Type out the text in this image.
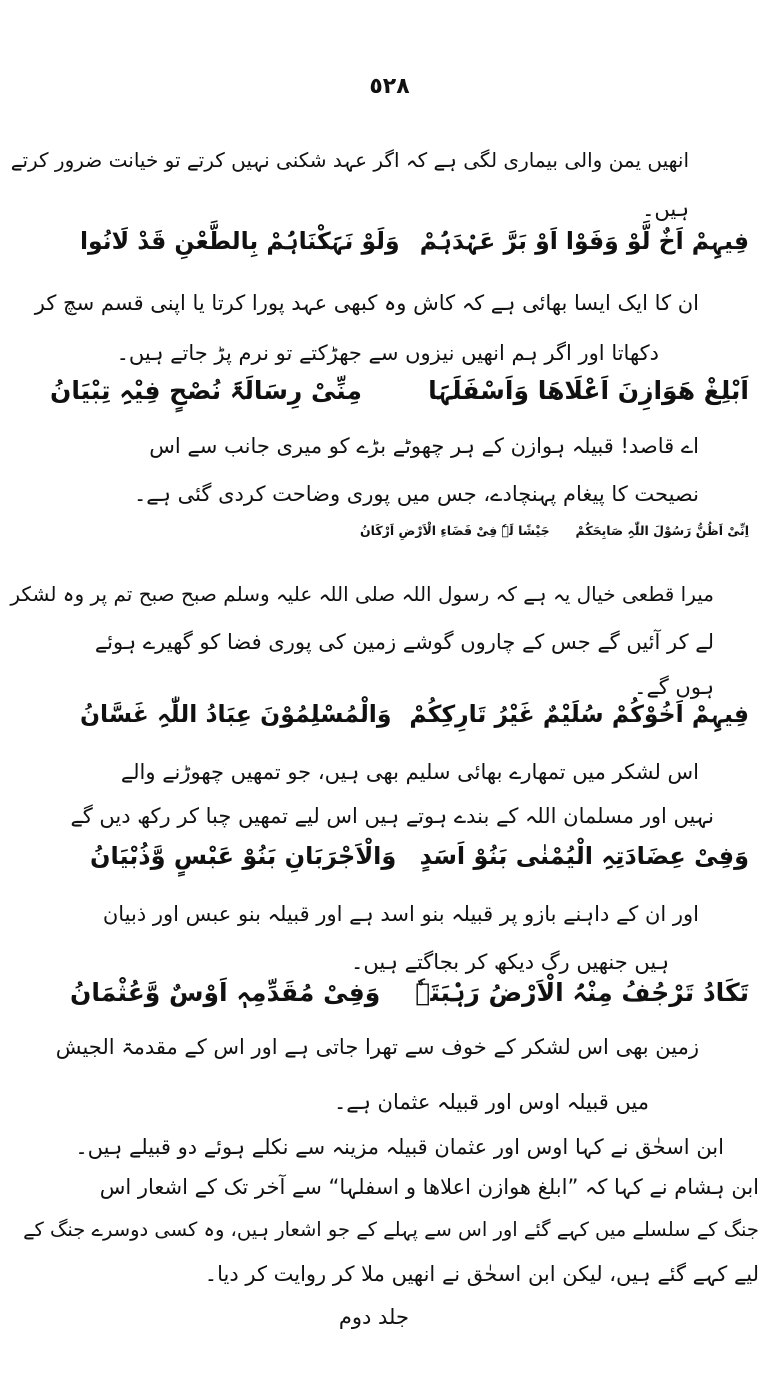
٥٢٨
انھیں یمن والی بیماری لگی ہے کہ اگر عہد شکنی نہیں کرتے تو خیانت ضرور کرتے
ہیں۔
فِیہِمْ اَخٌ لَّوْ وَفَوْا اَوْ بَرَّ عَہْدَہُمْ
وَلَوْ نَہَکْنَاہُمْ بِالطَّعْنِ قَدْ لَانُوا
ان کا ایک ایسا بھائی ہے کہ کاش وہ کبھی عہد پورا کرتا یا اپنی قسم سچ کر
دکھاتا اور اگر ہم انھیں نیزوں سے جھڑکتے تو نرم پڑ جاتے ہیں۔
اَبْلِغْ ھَوَازِنَ اَعْلَاھَا وَاَسْفَلَہَا
مِنِّیْ رِسَالَۃَ نُصْحٍ فِیْہِ تِبْیَانُ
اے قاصد! قبیلہ ہوازن کے ہر چھوٹے بڑے کو میری جانب سے اس
نصیحت کا پیغام پہنچادے، جس میں پوری وضاحت کردی گئی ہے۔
اِنِّیْ اَظُنُّ رَسُوْلَ اللّٰہِ صَابِحَکُمْ
جَیْشًا لَہٗ فِیْ فَضَاءِ الْاَرْضِ اَرْکَانُ
میرا قطعی خیال یہ ہے کہ رسول اللہ صلی اللہ علیہ وسلم صبح صبح تم پر وہ لشکر
لے کر آئیں گے جس کے چاروں گوشے زمین کی پوری فضا کو گھیرے ہوئے
ہوں گے۔
فِیہِمْ اَخُوْکُمْ سُلَیْمٌ غَیْرُ تَارِکِکُمْ
وَالْمُسْلِمُوْنَ عِبَادُ اللّٰہِ غَسَّانُ
اس لشکر میں تمھارے بھائی سلیم بھی ہیں، جو تمھیں چھوڑنے والے
نہیں اور مسلمان اللہ کے بندے ہوتے ہیں اس لیے تمھیں چبا کر رکھ دیں گے
وَفِیْ عِضَادَتِہِ الْیُمْنٰی بَنُوْ اَسَدٍ
وَالْاَجْرَبَانِ بَنُوْ عَبْسٍ وَّذُبْیَانُ
اور ان کے داہنے بازو پر قبیلہ بنو اسد ہے اور قبیلہ بنو عبس اور ذبیان
ہیں جنھیں رگ دیکھ کر بجاگتے ہیں۔
تَکَادُ تَرْجُفُ مِنْہُ الْاَرْضُ رَہْبَتَہٗ
وَفِیْ مُقَدِّمِہٖ اَوْسٌ وَّعُثْمَانُ
زمین بھی اس لشکر کے خوف سے تھرا جاتی ہے اور اس کے مقدمۃ الجیش
میں قبیلہ اوس اور قبیلہ عثمان ہے۔
ابن اسحٰق نے کہا اوس اور عثمان قبیلہ مزینہ سے نکلے ہوئے دو قبیلے ہیں۔
ابن ہشام نے کہا کہ ”ابلغ ھوازن اعلاھا و اسفلہا“ سے آخر تک کے اشعار اس
جنگ کے سلسلے میں کہے گئے اور اس سے پہلے کے جو اشعار ہیں، وہ کسی دوسرے جنگ کے
لیے کہے گئے ہیں، لیکن ابن اسحٰق نے انھیں ملا کر روایت کر دیا۔
جلد دوم
